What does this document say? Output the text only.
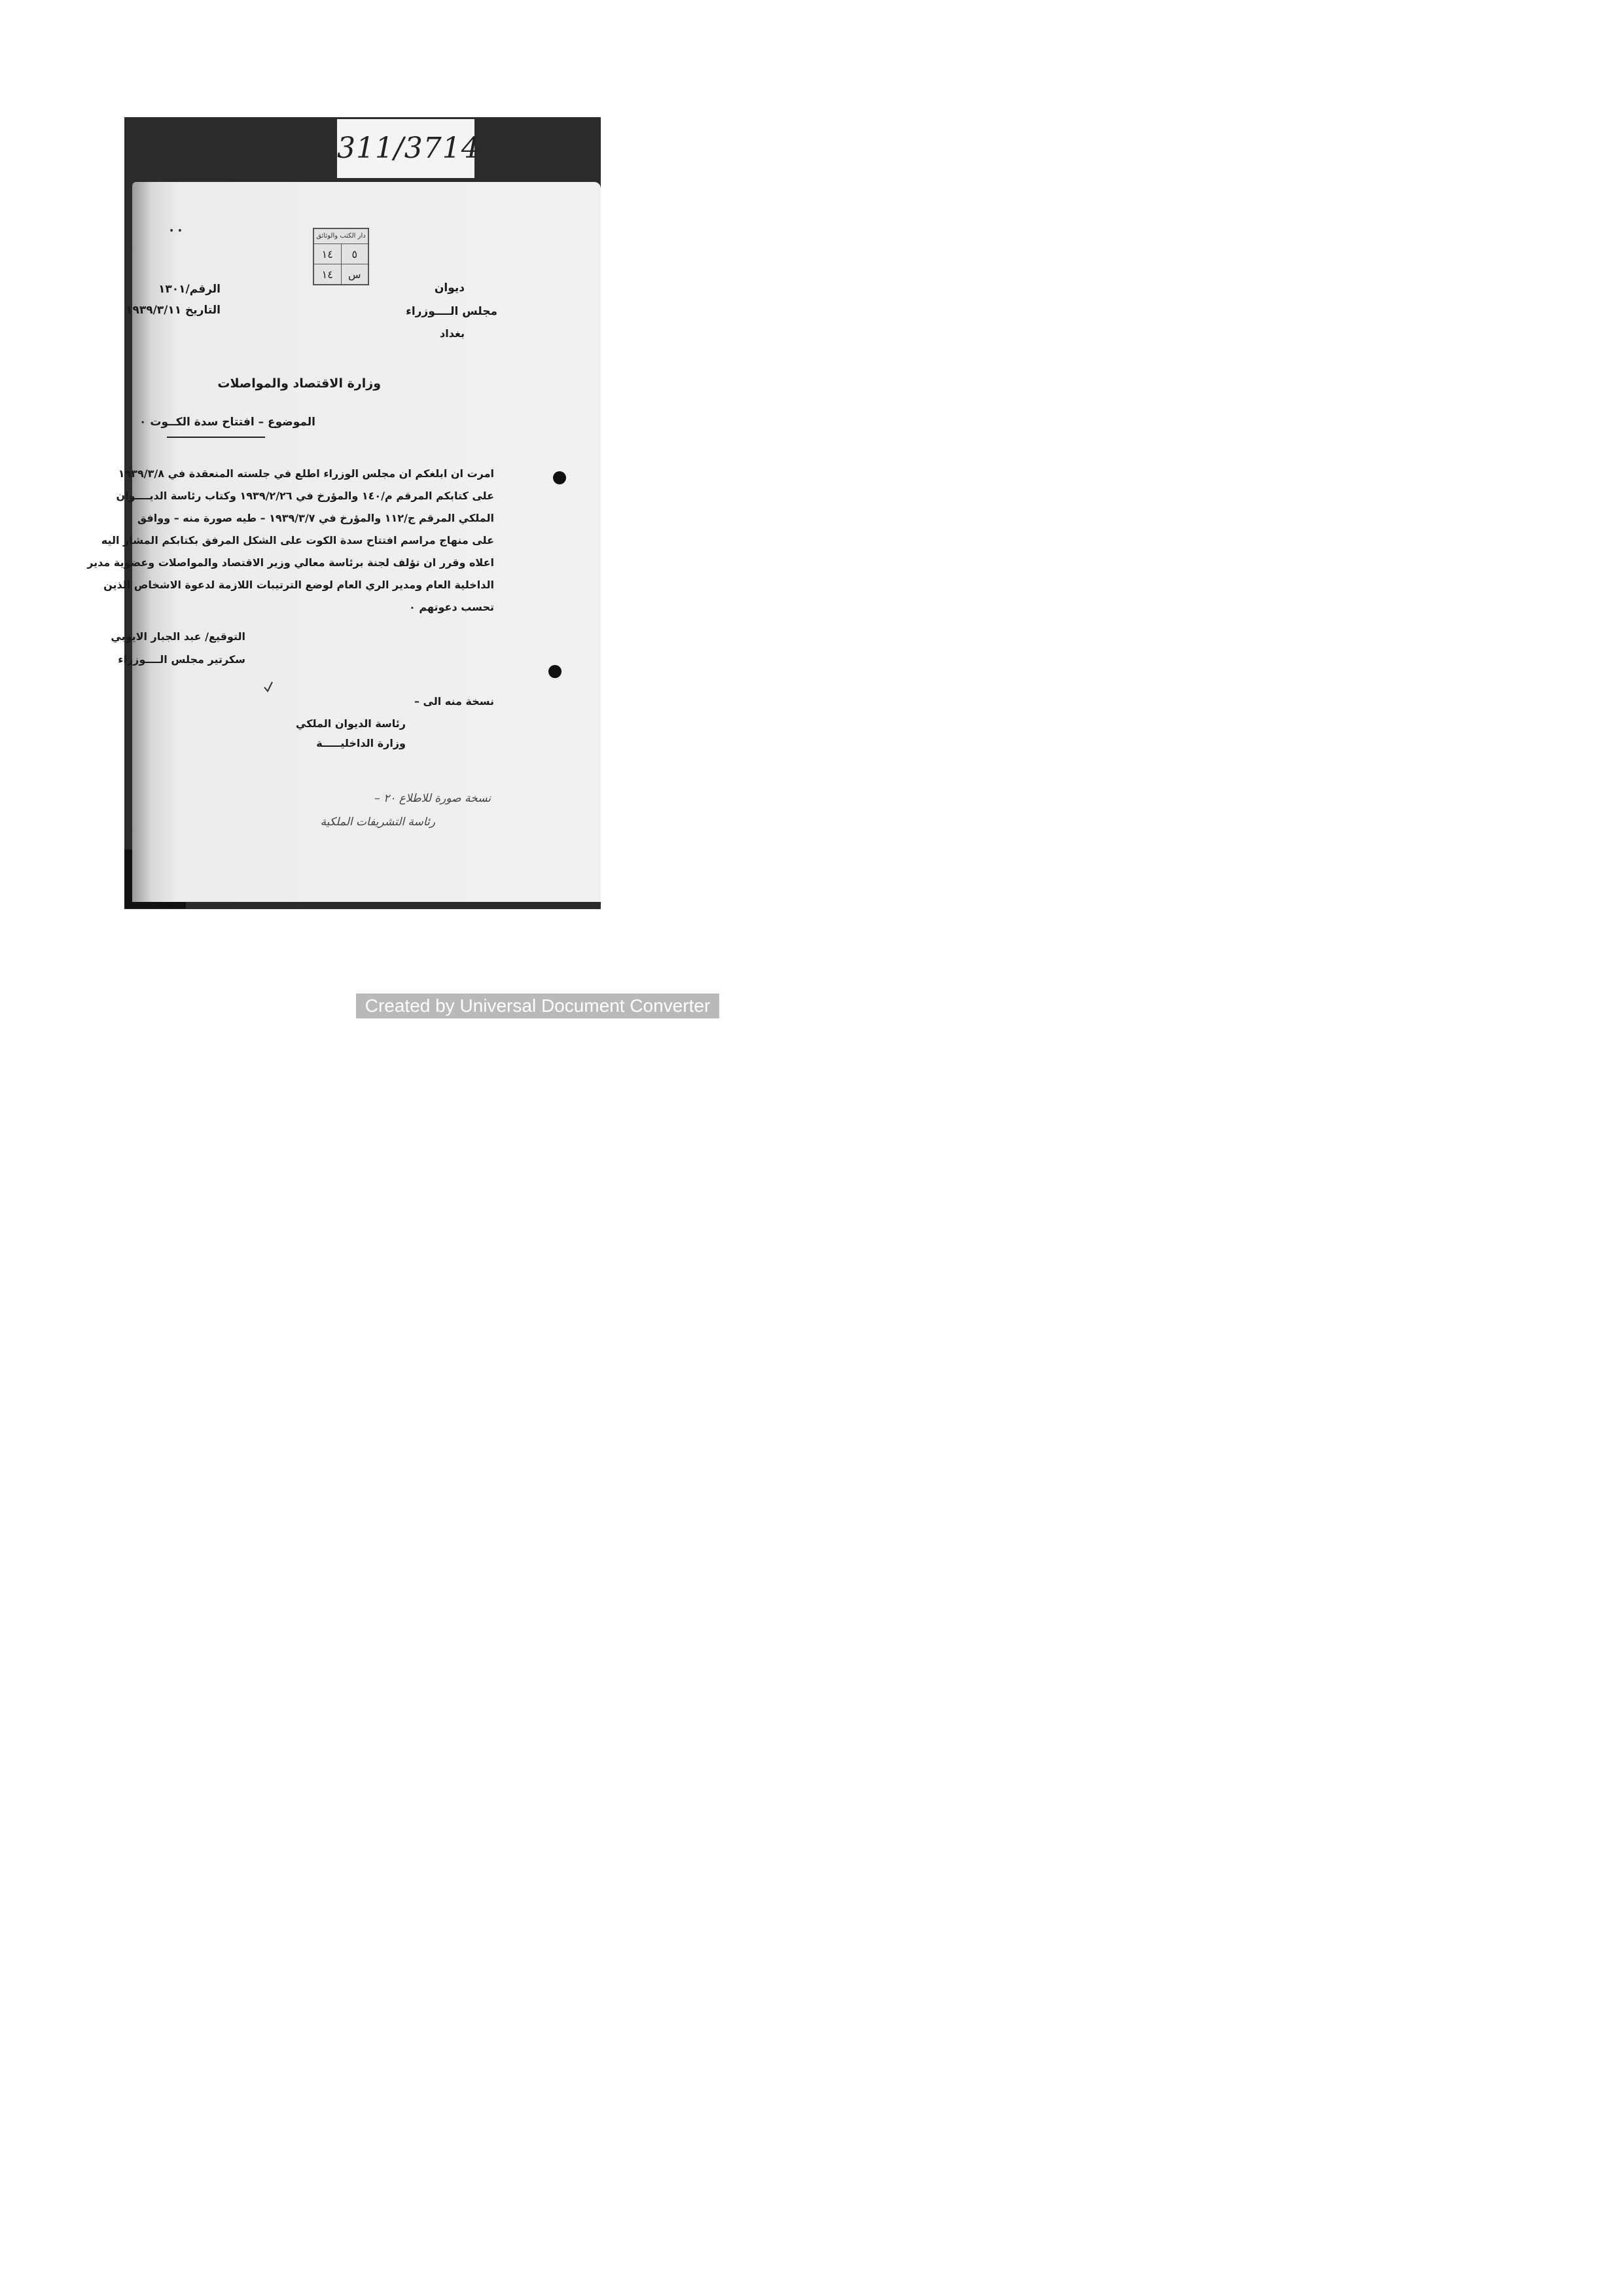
311/3714
• •	دار الكتب والوثائق
١٤	٥
١٤	س
ديوان
مجلس الــــوزراء
بغداد
الرقم/١٣٠١
التاريخ ١٩٣٩/٣/١١
وزارة الاقتصاد والمواصلات
الموضوع – افتتاح سدة الكــوت ٠
امرت ان ابلغكم ان مجلس الوزراء اطلع في جلسته المنعقدة في ١٩٣٩/٣/٨
على كتابكم المرقم م/١٤٠ والمؤرخ في ١٩٣٩/٢/٢٦ وكتاب رئاسة الديــــوان
الملكي المرقم ج/١١٢ والمؤرخ في ١٩٣٩/٣/٧ – طيه صورة منه – ووافق
على منهاج مراسم افتتاح سدة الكوت على الشكل المرفق بكتابكم المشار اليه
اعلاه وقرر ان تؤلف لجنة برئاسة معالي وزير الاقتصاد والمواصلات وعضوية مدير
الداخلية العام ومدير الري العام لوضع الترتيبات اللازمة لدعوة الاشخاص الذين
تحسب دعوتهم ٠
التوقيع/ عبد الجبار الايوبي
سكرتير مجلس الــــوزراء
نسخة منه الى –
رئاسة الديوان الملكي
وزارة الداخليـــــة
نسخة صورة للاطلاع ٢٠ –
رئاسة التشريفات الملكية
Created by Universal Document Converter
